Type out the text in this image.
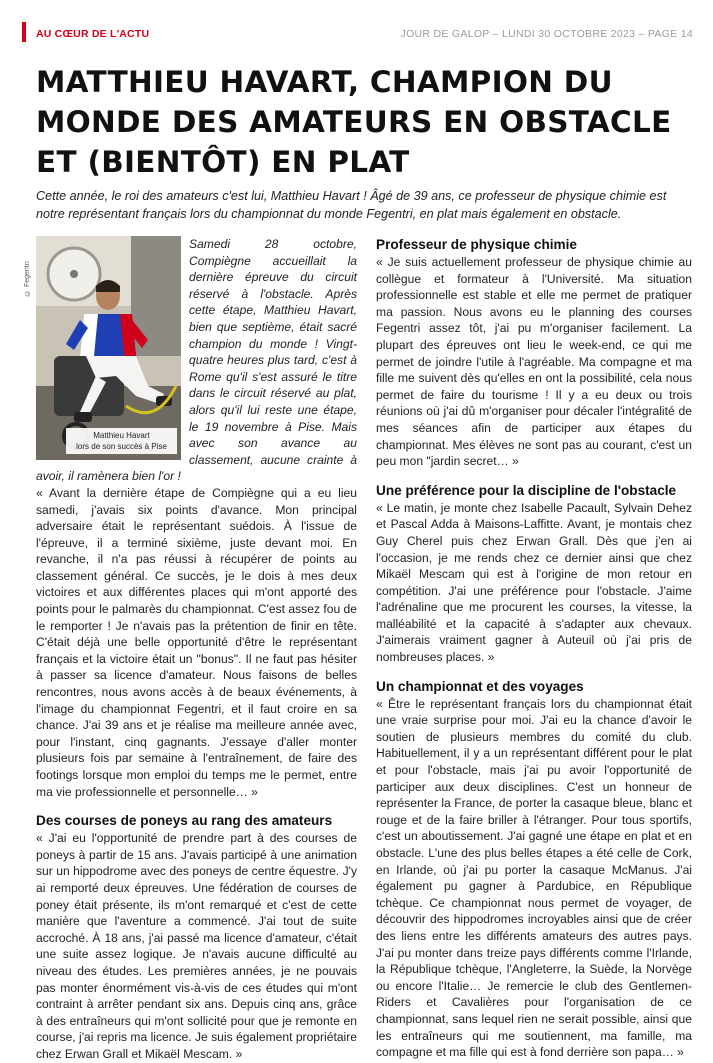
AU CŒUR DE L'ACTU	JOUR DE GALOP – LUNDI 30 OCTOBRE 2023 – PAGE 14
MATTHIEU HAVART, CHAMPION DU MONDE DES AMATEURS EN OBSTACLE ET (BIENTÔT) EN PLAT
Cette année, le roi des amateurs c'est lui, Matthieu Havart ! Âgé de 39 ans, ce professeur de physique chimie est notre représentant français lors du championnat du monde Fegentri, en plat mais également en obstacle.
© Fegentri
Matthieu Havart
lors de son succès à Pise
Samedi 28 octobre, Compiègne accueillait la dernière épreuve du circuit réservé à l'obstacle. Après cette étape, Matthieu Havart, bien que septième, était sacré champion du monde ! Vingt-quatre heures plus tard, c'est à Rome qu'il s'est assuré le titre dans le circuit réservé au plat, alors qu'il lui reste une étape, le 19 novembre à Pise. Mais avec son avance au classement, aucune crainte à avoir, il ramènera bien l'or !

« Avant la dernière étape de Compiègne qui a eu lieu samedi, j'avais six points d'avance. Mon principal adversaire était le représentant suédois. À l'issue de l'épreuve, il a terminé sixième, juste devant moi. En revanche, il n'a pas réussi à récupérer de points au classement général. Ce succès, je le dois à mes deux victoires et aux différentes places qui m'ont apporté des points pour le palmarès du championnat. C'est assez fou de le remporter ! Je n'avais pas la prétention de finir en tête. C'était déjà une belle opportunité d'être le représentant français et la victoire était un "bonus". Il ne faut pas hésiter à passer sa licence d'amateur. Nous faisons de belles rencontres, nous avons accès à de beaux événements, à l'image du championnat Fegentri, et il faut croire en sa chance. J'ai 39 ans et je réalise ma meilleure année avec, pour l'instant, cinq gagnants. J'essaye d'aller monter plusieurs fois par semaine à l'entraînement, de faire des footings lorsque mon emploi du temps me le permet, entre ma vie professionnelle et personnelle… »

Des courses de poneys au rang des amateurs

« J'ai eu l'opportunité de prendre part à des courses de poneys à partir de 15 ans. J'avais participé à une animation sur un hippodrome avec des poneys de centre équestre. J'y ai remporté deux épreuves. Une fédération de courses de poney était présente, ils m'ont remarqué et c'est de cette manière que l'aventure a commencé. J'ai tout de suite accroché. À 18 ans, j'ai passé ma licence d'amateur, c'était une suite assez logique. Je n'avais aucune difficulté au niveau des études. Les premières années, je ne pouvais pas monter énormément vis-à-vis de ces études qui m'ont contraint à arrêter pendant six ans. Depuis cinq ans, grâce à des entraîneurs qui m'ont sollicité pour que je remonte en course, j'ai repris ma licence. Je suis également propriétaire chez Erwan Grall et Mikaël Mescam. »

Professeur de physique chimie

« Je suis actuellement professeur de physique chimie au collègue et formateur à l'Université. Ma situation professionnelle est stable et elle me permet de pratiquer ma passion. Nous avons eu le planning des courses Fegentri assez tôt, j'ai pu m'organiser facilement. La plupart des épreuves ont lieu le week-end, ce qui me permet de joindre l'utile à l'agréable. Ma compagne et ma fille me suivent dès qu'elles en ont la possibilité, cela nous permet de faire du tourisme ! Il y a eu deux ou trois réunions où j'ai dû m'organiser pour décaler l'intégralité de mes séances afin de participer aux étapes du championnat. Mes élèves ne sont pas au courant, c'est un peu mon "jardin secret… »

Une préférence pour la discipline de l'obstacle

« Le matin, je monte chez Isabelle Pacault, Sylvain Dehez et Pascal Adda à Maisons-Laffitte. Avant, je montais chez Guy Cherel puis chez Erwan Grall. Dès que j'en ai l'occasion, je me rends chez ce dernier ainsi que chez Mikaël Mescam qui est à l'origine de mon retour en compétition. J'ai une préférence pour l'obstacle. J'aime l'adrénaline que me procurent les courses, la vitesse, la malléabilité et la capacité à s'adapter aux chevaux. J'aimerais vraiment gagner à Auteuil où j'ai pris de nombreuses places. »

Un championnat et des voyages

« Être le représentant français lors du championnat était une vraie surprise pour moi. J'ai eu la chance d'avoir le soutien de plusieurs membres du comité du club. Habituellement, il y a un représentant différent pour le plat et pour l'obstacle, mais j'ai pu avoir l'opportunité de participer aux deux disciplines. C'est un honneur de représenter la France, de porter la casaque bleue, blanc et rouge et de la faire briller à l'étranger. Pour tous sportifs, c'est un aboutissement. J'ai gagné une étape en plat et en obstacle. L'une des plus belles étapes a été celle de Cork, en Irlande, où j'ai pu porter la casaque McManus. J'ai également pu gagner à Pardubice, en République tchèque. Ce championnat nous permet de voyager, de découvrir des hippodromes incroyables ainsi que de créer des liens entre les différents amateurs des autres pays. J'ai pu monter dans treize pays différents comme l'Irlande, la République tchèque, l'Angleterre, la Suède, la Norvège ou encore l'Italie… Je remercie le club des Gentlemen-Riders et Cavalières pour l'organisation de ce championnat, sans lequel rien ne serait possible, ainsi que les entraîneurs qui me soutiennent, ma famille, ma compagne et ma fille qui est à fond derrière son papa… »
